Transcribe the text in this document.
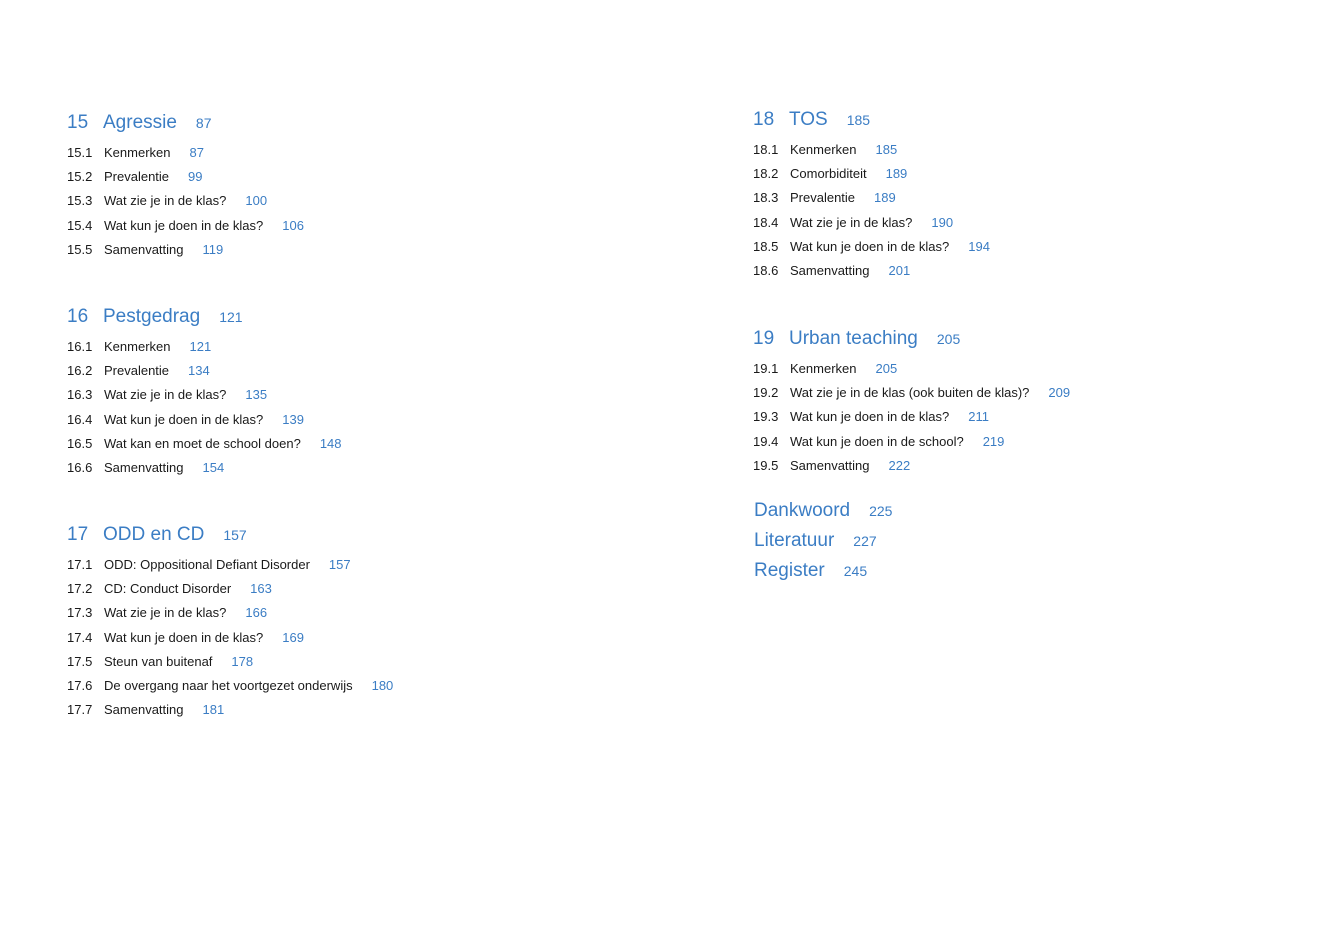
15 Agressie 87
15.1 Kenmerken 87
15.2 Prevalentie 99
15.3 Wat zie je in de klas? 100
15.4 Wat kun je doen in de klas? 106
15.5 Samenvatting 119
16 Pestgedrag 121
16.1 Kenmerken 121
16.2 Prevalentie 134
16.3 Wat zie je in de klas? 135
16.4 Wat kun je doen in de klas? 139
16.5 Wat kan en moet de school doen? 148
16.6 Samenvatting 154
17 ODD en CD 157
17.1 ODD: Oppositional Defiant Disorder 157
17.2 CD: Conduct Disorder 163
17.3 Wat zie je in de klas? 166
17.4 Wat kun je doen in de klas? 169
17.5 Steun van buitenaf 178
17.6 De overgang naar het voortgezet onderwijs 180
17.7 Samenvatting 181
18 TOS 185
18.1 Kenmerken 185
18.2 Comorbiditeit 189
18.3 Prevalentie 189
18.4 Wat zie je in de klas? 190
18.5 Wat kun je doen in de klas? 194
18.6 Samenvatting 201
19 Urban teaching 205
19.1 Kenmerken 205
19.2 Wat zie je in de klas (ook buiten de klas)? 209
19.3 Wat kun je doen in de klas? 211
19.4 Wat kun je doen in de school? 219
19.5 Samenvatting 222
Dankwoord 225
Literatuur 227
Register 245
